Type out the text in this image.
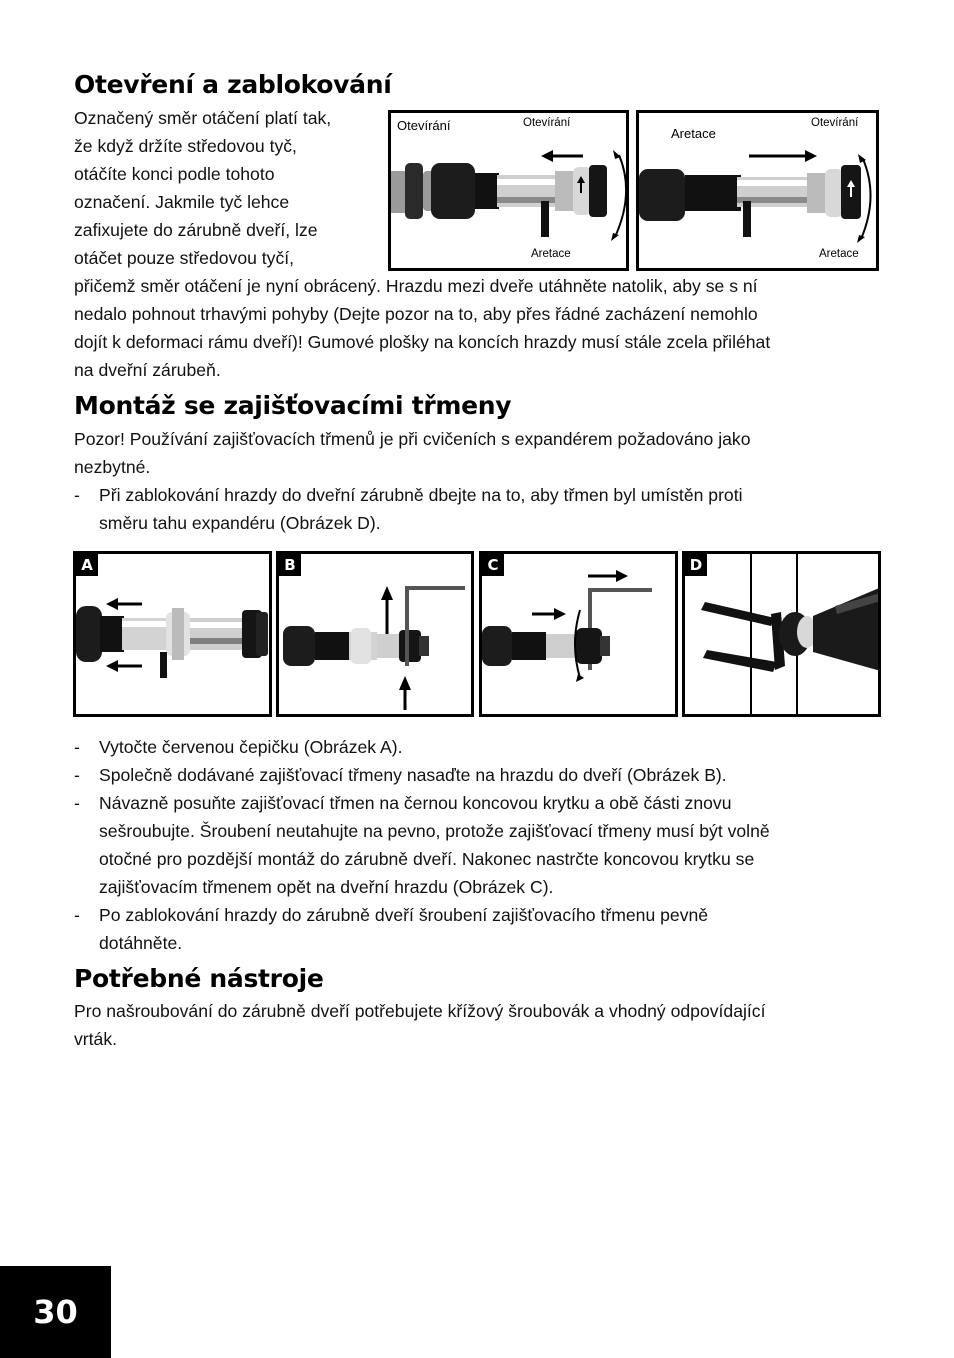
Otevření a zablokování
Označený směr otáčení platí tak,
že když držíte středovou tyč,
otáčíte konci podle tohoto
označení. Jakmile tyč lehce
zafixujete do zárubně dveří, lze
otáčet pouze středovou tyčí,
přičemž směr otáčení je nyní obrácený. Hrazdu mezi dveře utáhněte natolik, aby se s ní
nedalo pohnout trhavými pohyby (Dejte pozor na to, aby přes řádné zacházení nemohlo
dojít k deformaci rámu dveří)! Gumové plošky na koncích hrazdy musí stále zcela přiléhat
na dveřní zárubeň.
Otevírání	Otevírání
Aretace
Aretace
Otevírání
Aretace
Montáž se zajišťovacími třmeny
Pozor! Používání zajišťovacích třmenů je při cvičeních s expandérem požadováno jako
nezbytné.
- Při zablokování hrazdy do dveřní zárubně dbejte na to, aby třmen byl umístěn proti
směru tahu expandéru (Obrázek D).
A	B	C	D
- Vytočte červenou čepičku (Obrázek A).
- Společně dodávané zajišťovací třmeny nasaďte na hrazdu do dveří (Obrázek B).
- Návazně posuňte zajišťovací třmen na černou koncovou krytku a obě části znovu
sešroubujte. Šroubení neutahujte na pevno, protože zajišťovací třmeny musí být volně
otočné pro pozdější montáž do zárubně dveří. Nakonec nastrčte koncovou krytku se
zajišťovacím třmenem opět na dveřní hrazdu (Obrázek C).
- Po zablokování hrazdy do zárubně dveří šroubení zajišťovacího třmenu pevně
dotáhněte.
Potřebné nástroje
Pro našroubování do zárubně dveří potřebujete křížový šroubovák a vhodný odpovídající
vrták.
30
